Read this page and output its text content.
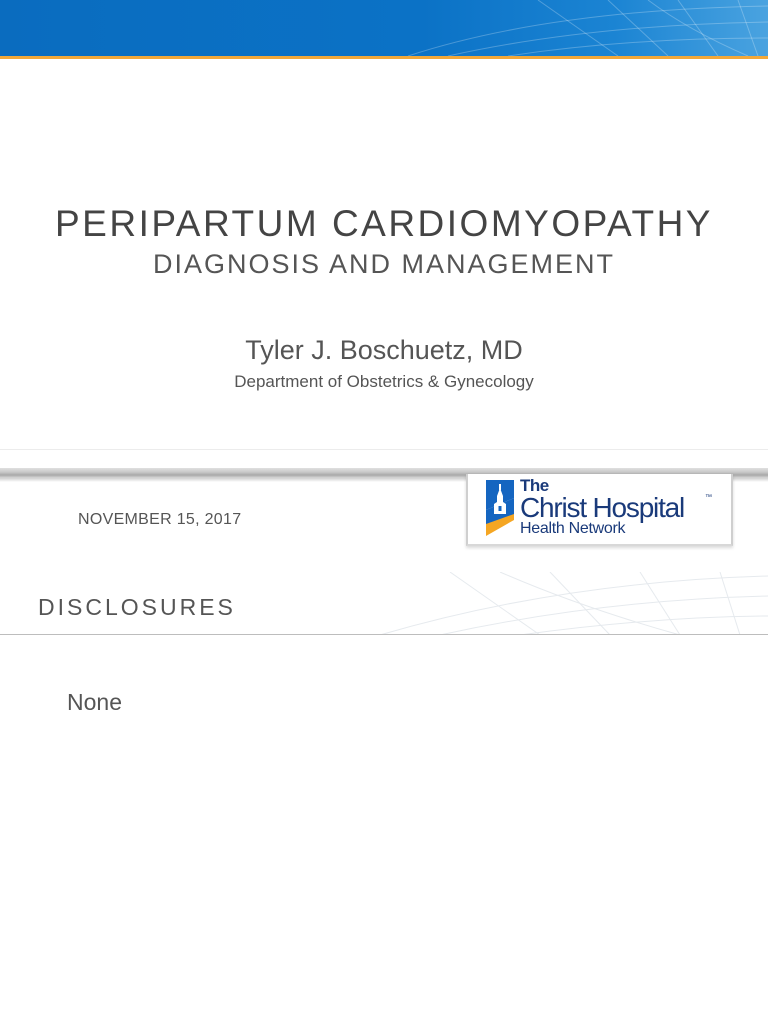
PERIPARTUM CARDIOMYOPATHY
DIAGNOSIS AND MANAGEMENT
Tyler J. Boschuetz, MD
Department of Obstetrics & Gynecology
NOVEMBER 15, 2017
The
Christ Hospital	™
Health Network
DISCLOSURES
None
